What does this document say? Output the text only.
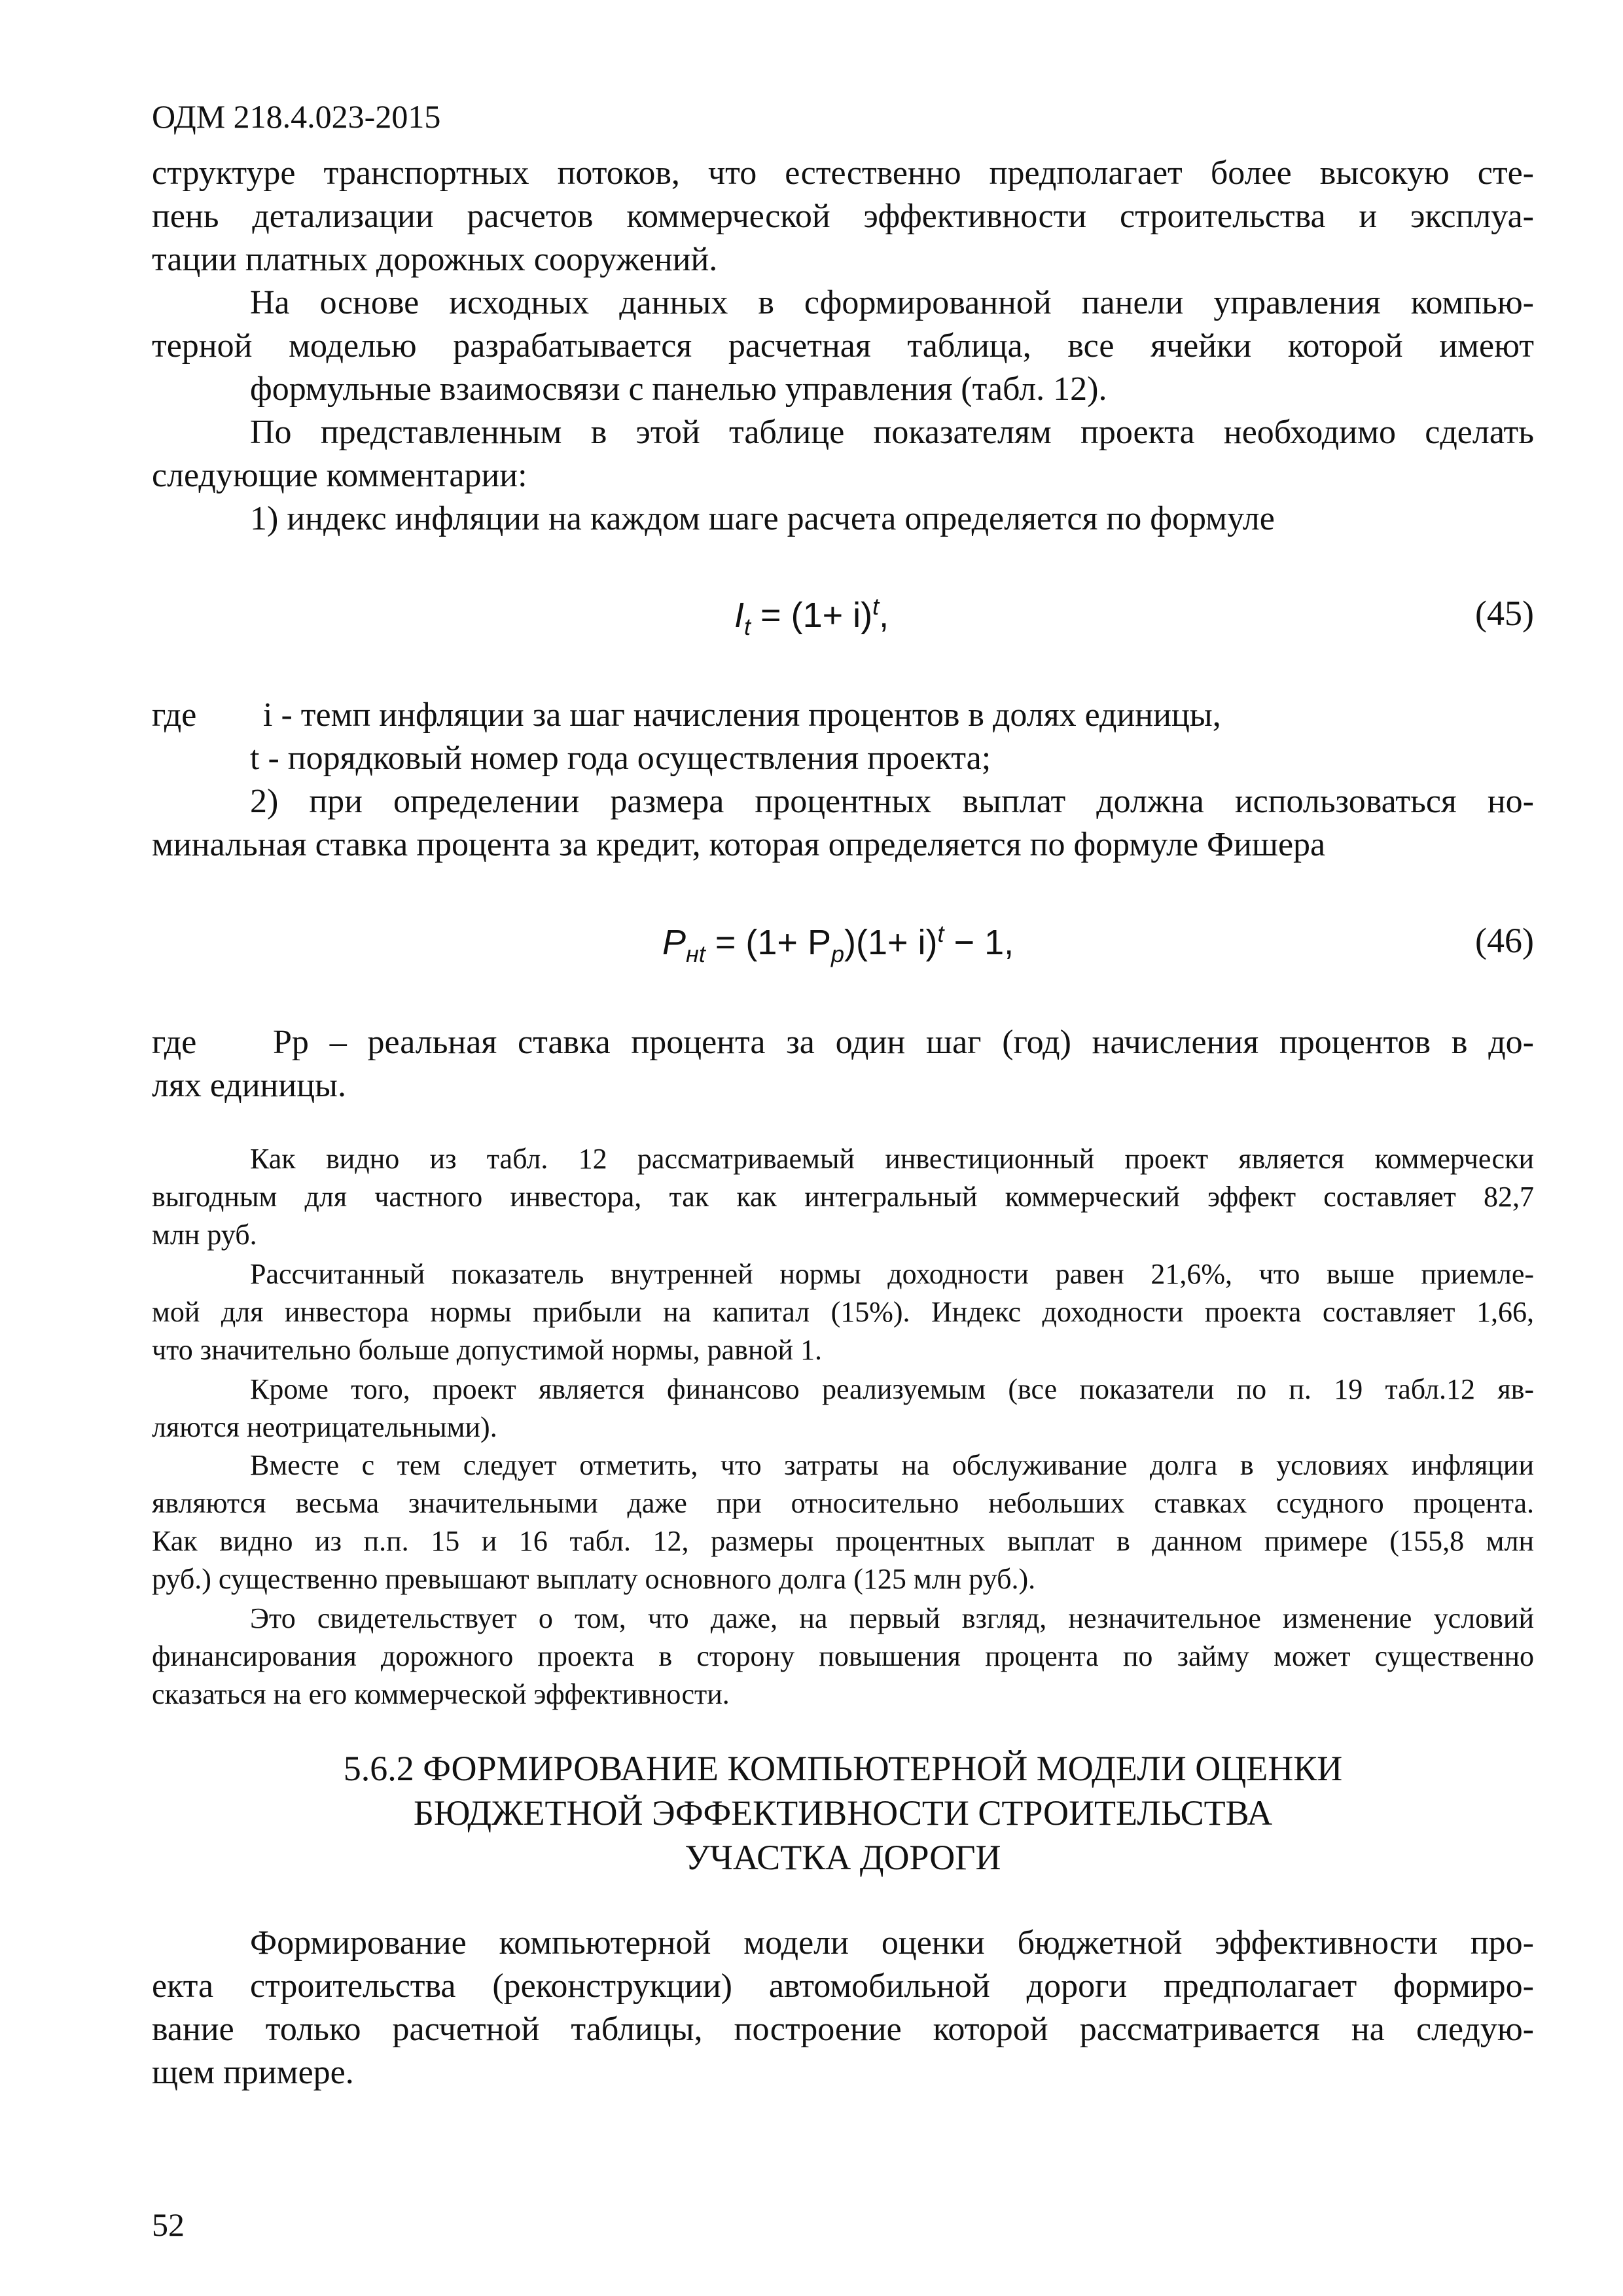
ОДМ 218.4.023-2015

структуре транспортных потоков, что естественно предполагает более высокую сте-
пень детализации расчетов коммерческой эффективности строительства и эксплуа-
тации платных дорожных сооружений.

На основе исходных данных в сформированной панели управления компью-
терной моделью разрабатывается расчетная таблица, все ячейки которой имеют
формульные взаимосвязи с панелью управления (табл. 12).

По представленным в этой таблице показателям проекта необходимо сделать
следующие комментарии:

1) индекс инфляции на каждом шаге расчета определяется по формуле

$I_t = (1+ i)^t$,	(45)
где i - темп инфляции за шаг начисления процентов в долях единицы,
t - порядковый номер года осуществления проекта;

2) при определении размера процентных выплат должна использоваться но-
минальная ставка процента за кредит, которая определяется по формуле Фишера

$P_{нt} = (1+ P_p)(1+ i)^t - 1$,	(46)

где Pp – реальная ставка процента за один шаг (год) начисления процентов в до-
лях единицы.

Как видно из табл. 12 рассматриваемый инвестиционный проект является коммерчески
выгодным для частного инвестора, так как интегральный коммерческий эффект составляет 82,7
млн руб.
Рассчитанный показатель внутренней нормы доходности равен 21,6%, что выше приемле-
мой для инвестора нормы прибыли на капитал (15%). Индекс доходности проекта составляет 1,66,
что значительно больше допустимой нормы, равной 1.
Кроме того, проект является финансово реализуемым (все показатели по п. 19 табл.12 яв-
ляются неотрицательными).
Вместе с тем следует отметить, что затраты на обслуживание долга в условиях инфляции
являются весьма значительными даже при относительно небольших ставках ссудного процента.
Как видно из п.п. 15 и 16 табл. 12, размеры процентных выплат в данном примере (155,8 млн
руб.) существенно превышают выплату основного долга (125 млн руб.).
Это свидетельствует о том, что даже, на первый взгляд, незначительное изменение условий
финансирования дорожного проекта в сторону повышения процента по займу может существенно
сказаться на его коммерческой эффективности.
5.6.2 ФОРМИРОВАНИЕ КОМПЬЮТЕРНОЙ МОДЕЛИ ОЦЕНКИ
БЮДЖЕТНОЙ ЭФФЕКТИВНОСТИ СТРОИТЕЛЬСТВА
УЧАСТКА ДОРОГИ

Формирование компьютерной модели оценки бюджетной эффективности про-
екта строительства (реконструкции) автомобильной дороги предполагает формиро-
вание только расчетной таблицы, построение которой рассматривается на следую-
щем примере.

52
